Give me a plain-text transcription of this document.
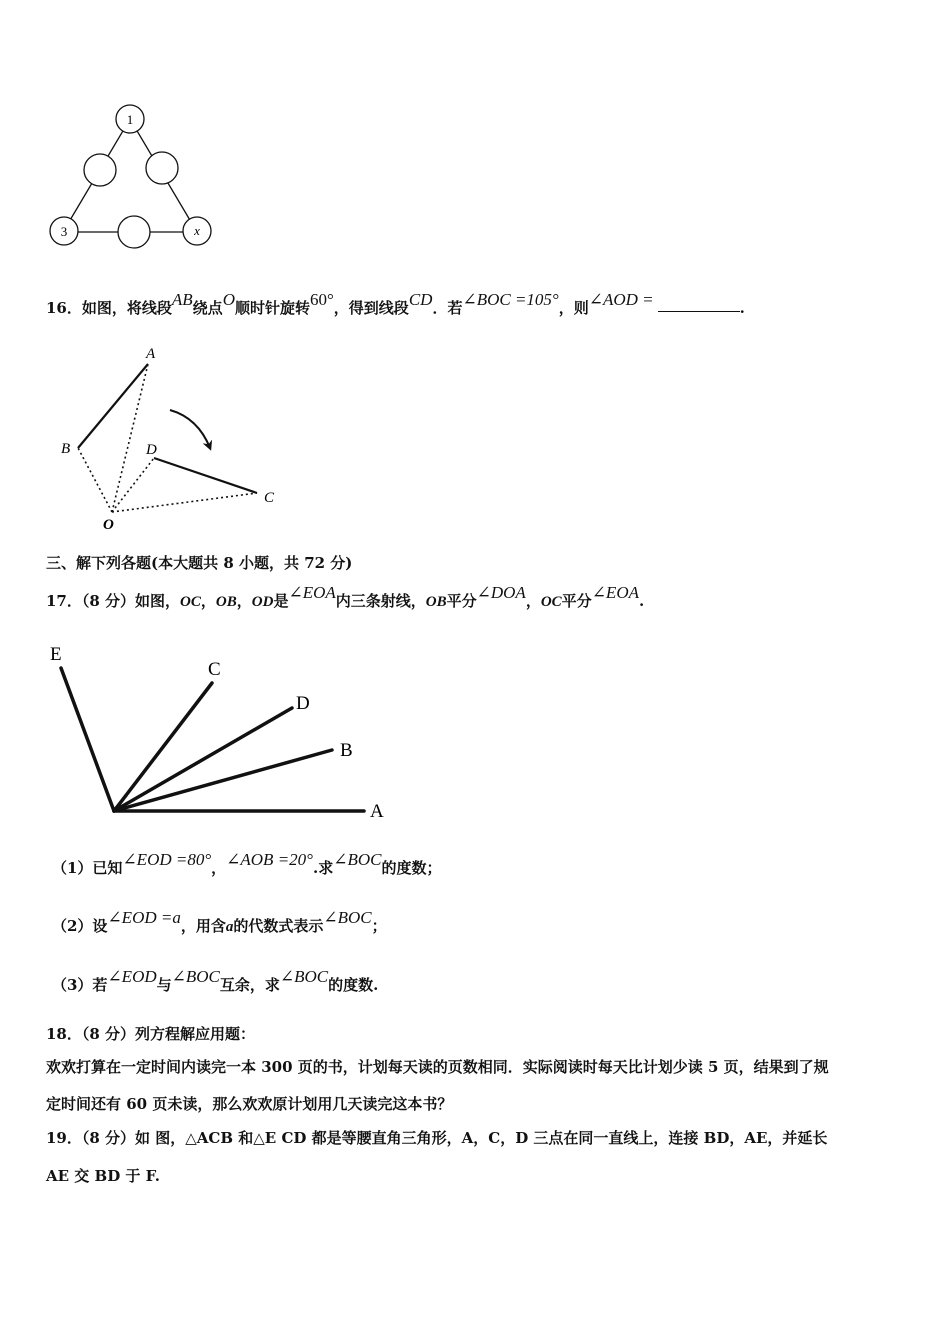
1
3	x
16．如图，将线段AB绕点O顺时针旋转60°，得到线段CD．若∠BOC =105°，则∠AOD =	.
A
B	D
C
O
三、解下列各题(本大题共 8 小题，共 72 分)
17．（8 分）如图，OC，OB，OD是∠EOA内三条射线，OB平分∠DOA，OC平分∠EOA.
E
C
D
B
A
（1）已知∠EOD =80°，∠AOB =20°.求∠BOC的度数；
（2）设∠EOD =a，用含a的代数式表示∠BOC；
（3）若∠EOD与∠BOC互余，求∠BOC的度数.
18．（8 分）列方程解应用题：
欢欢打算在一定时间内读完一本 300 页的书，计划每天读的页数相同．实际阅读时每天比计划少读 5 页，结果到了规
定时间还有 60 页未读，那么欢欢原计划用几天读完这本书？
19．（8 分）如 图，△ACB 和△E CD 都是等腰直角三角形，A，C，D 三点在同一直线上，连接 BD，AE，并延长
AE 交 BD 于 F.
